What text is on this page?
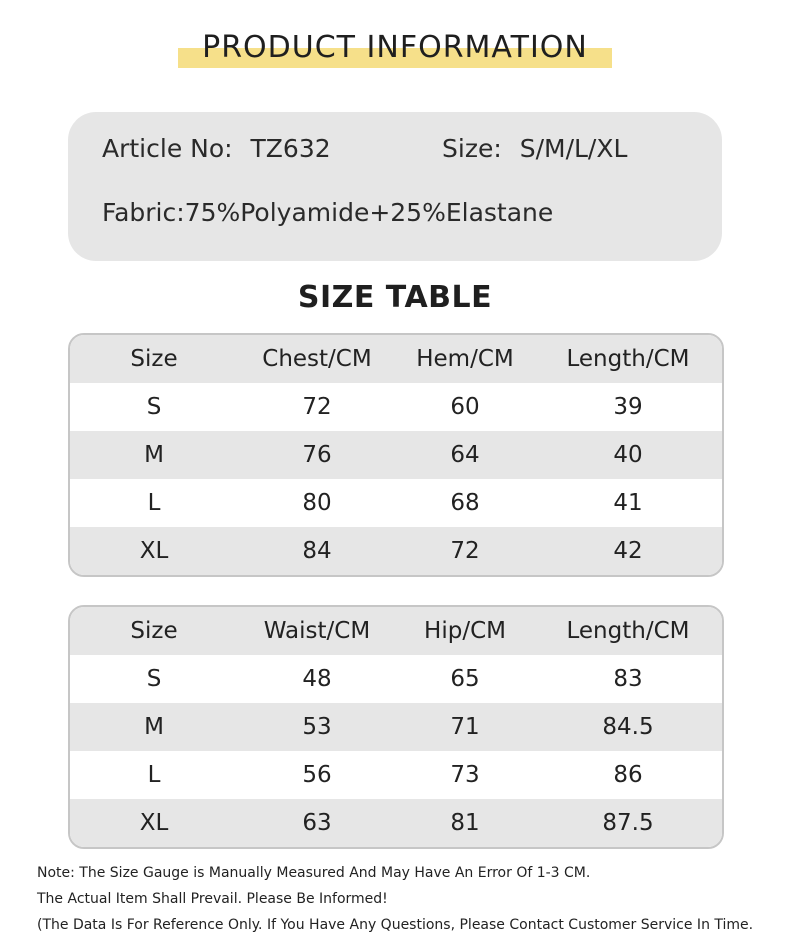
PRODUCT INFORMATION
Article No: TZ632	Size: S/M/L/XL
Fabric:75%Polyamide+25%Elastane
SIZE TABLE
Size	Chest/CM	Hem/CM	Length/CM
S	72	60	39
M	76	64	40
L	80	68	41
XL	84	72	42
Size	Waist/CM	Hip/CM	Length/CM
S	48	65	83
M	53	71	84.5
L	56	73	86
XL	63	81	87.5
Note: The Size Gauge is Manually Measured And May Have An Error Of 1-3 CM.
The Actual Item Shall Prevail. Please Be Informed!
(The Data Is For Reference Only. If You Have Any Questions, Please Contact Customer Service In Time.
